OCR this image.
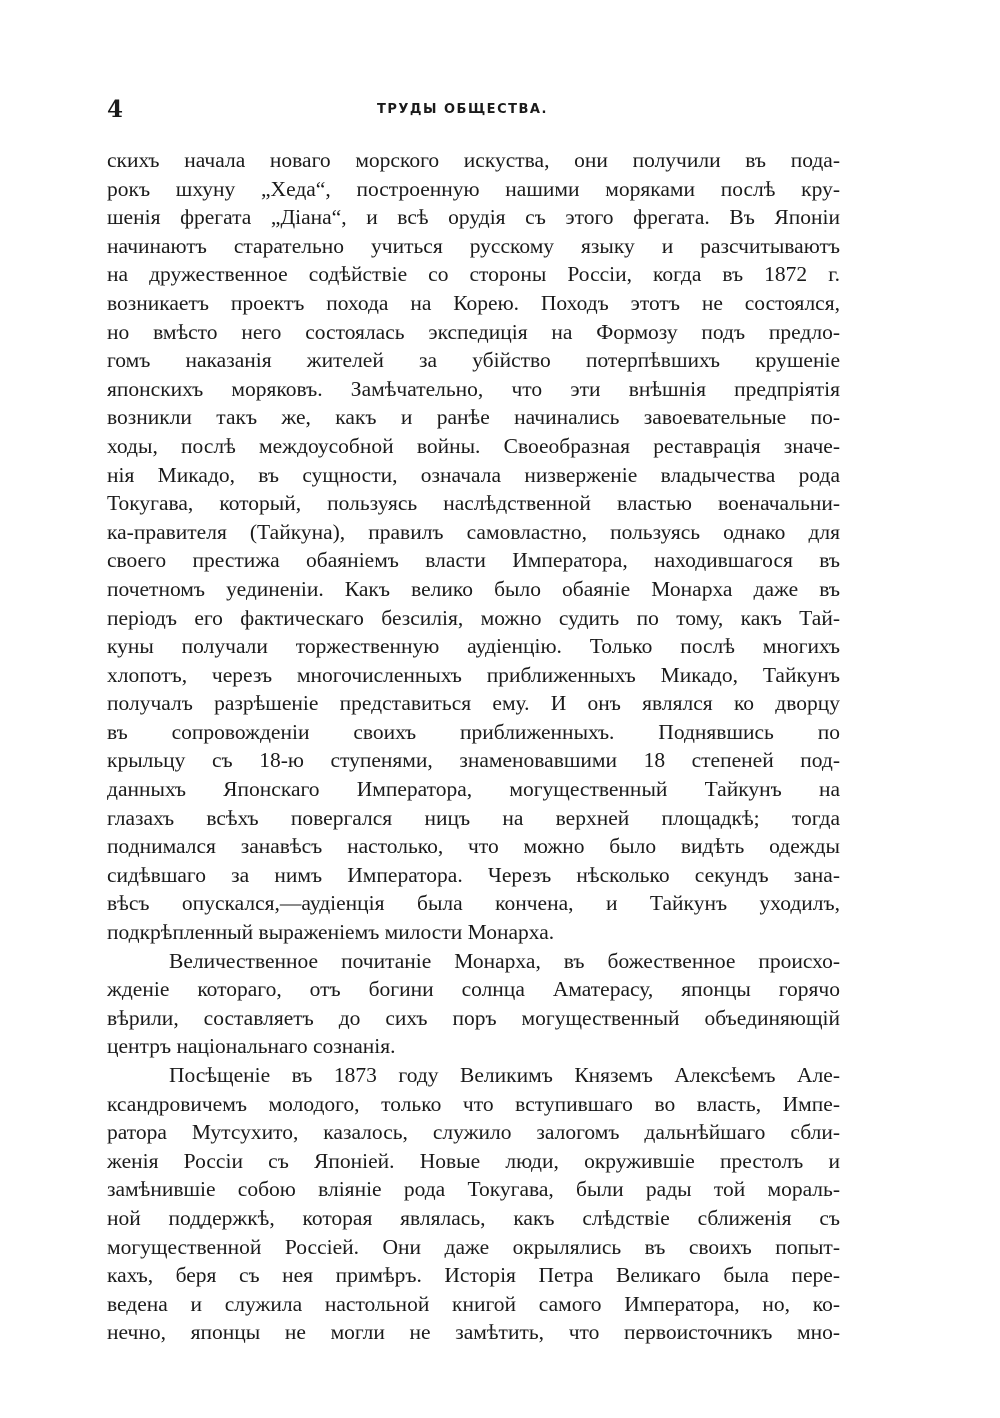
4	ТРУДЫ ОБЩЕСТВА.
скихъ начала новаго морского искуства, они получили въ пода-
рокъ шхуну „Хеда“, построенную нашими моряками послѣ кру-
шенія фрегата „Діана“, и всѣ орудія съ этого фрегата. Въ Японіи
начинаютъ старательно учиться русскому языку и разсчитываютъ
на дружественное содѣйствіе со стороны Россіи, когда въ 1872 г.
возникаетъ проектъ похода на Корею. Походъ этотъ не состоялся,
но вмѣсто него состоялась экспедиція на Формозу подъ предло-
гомъ наказанія жителей за убійство потерпѣвшихъ крушеніе
японскихъ моряковъ. Замѣчательно, что эти внѣшнія предпріятія
возникли такъ же, какъ и ранѣе начинались завоевательные по-
ходы, послѣ междоусобной войны. Своеобразная реставрація значе-
нія Микадо, въ сущности, означала низверженіе владычества рода
Токугава, который, пользуясь наслѣдственной властью военачальни-
ка-правителя (Тайкуна), правилъ самовластно, пользуясь однако для
своего престижа обаяніемъ власти Императора, находившагося въ
почетномъ уединеніи. Какъ велико было обаяніе Монарха даже въ
періодъ его фактическаго безсилія, можно судить по тому, какъ Тай-
куны получали торжественную аудіенцію. Только послѣ многихъ
хлопотъ, черезъ многочисленныхъ приближенныхъ Микадо, Тайкунъ
получалъ разрѣшеніе представиться ему. И онъ являлся ко дворцу
въ сопровожденіи своихъ приближенныхъ. Поднявшись по
крыльцу съ 18-ю ступенями, знаменовавшими 18 степеней под-
данныхъ Японскаго Императора, могущественный Тайкунъ на
глазахъ всѣхъ повергался ницъ на верхней площадкѣ; тогда
поднимался занавѣсъ настолько, что можно было видѣть одежды
сидѣвшаго за нимъ Императора. Черезъ нѣсколько секундъ зана-
вѣсъ опускался,—аудіенція была кончена, и Тайкунъ уходилъ,
подкрѣпленный выраженіемъ милости Монарха.
Величественное почитаніе Монарха, въ божественное происхо-
жденіе котораго, отъ богини солнца Аматерасу, японцы горячо
вѣрили, составляетъ до сихъ поръ могущественный объединяющій
центръ національнаго сознанія.
Посѣщеніе въ 1873 году Великимъ Княземъ Алексѣемъ Але-
ксандровичемъ молодого, только что вступившаго во власть, Импе-
ратора Мутсухито, казалось, служило залогомъ дальнѣйшаго сбли-
женія Россіи съ Японіей. Новые люди, окружившіе престолъ и
замѣнившіе собою вліяніе рода Токугава, были рады той мораль-
ной поддержкѣ, которая являлась, какъ слѣдствіе сближенія съ
могущественной Россіей. Они даже окрылялись въ своихъ попыт-
кахъ, беря съ нея примѣръ. Исторія Петра Великаго была пере-
ведена и служила настольной книгой самого Императора, но, ко-
нечно, японцы не могли не замѣтить, что первоисточникъ мно-
